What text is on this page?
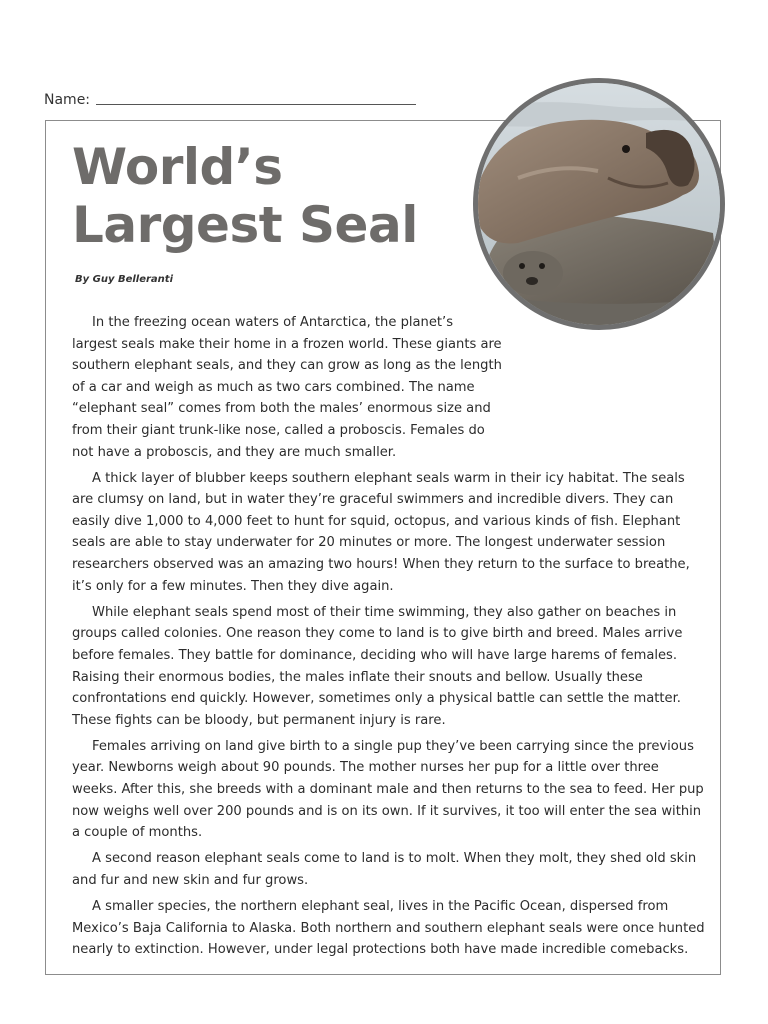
Name:
World’s
Largest Seal
By Guy Belleranti

In the freezing ocean waters of Antarctica, the planet’s largest seals make their home in a frozen world. These giants are southern elephant seals, and they can grow as long as the length of a car and weigh as much as two cars combined. The name “elephant seal” comes from both the males’ enormous size and from their giant trunk-like nose, called a proboscis. Females do not have a proboscis, and they are much smaller.

A thick layer of blubber keeps southern elephant seals warm in their icy habitat. The seals are clumsy on land, but in water they’re graceful swimmers and incredible divers. They can easily dive 1,000 to 4,000 feet to hunt for squid, octopus, and various kinds of fish. Elephant seals are able to stay underwater for 20 minutes or more. The longest underwater session researchers observed was an amazing two hours! When they return to the surface to breathe, it’s only for a few minutes. Then they dive again.

While elephant seals spend most of their time swimming, they also gather on beaches in groups called colonies. One reason they come to land is to give birth and breed. Males arrive before females. They battle for dominance, deciding who will have large harems of females. Raising their enormous bodies, the males inflate their snouts and bellow. Usually these confrontations end quickly. However, sometimes only a physical battle can settle the matter. These fights can be bloody, but permanent injury is rare.

Females arriving on land give birth to a single pup they’ve been carrying since the previous year. Newborns weigh about 90 pounds. The mother nurses her pup for a little over three weeks. After this, she breeds with a dominant male and then returns to the sea to feed. Her pup now weighs well over 200 pounds and is on its own. If it survives, it too will enter the sea within a couple of months.

A second reason elephant seals come to land is to molt. When they molt, they shed old skin and fur and new skin and fur grows.

A smaller species, the northern elephant seal, lives in the Pacific Ocean, dispersed from Mexico’s Baja California to Alaska. Both northern and southern elephant seals were once hunted nearly to extinction. However, under legal protections both have made incredible comebacks.
